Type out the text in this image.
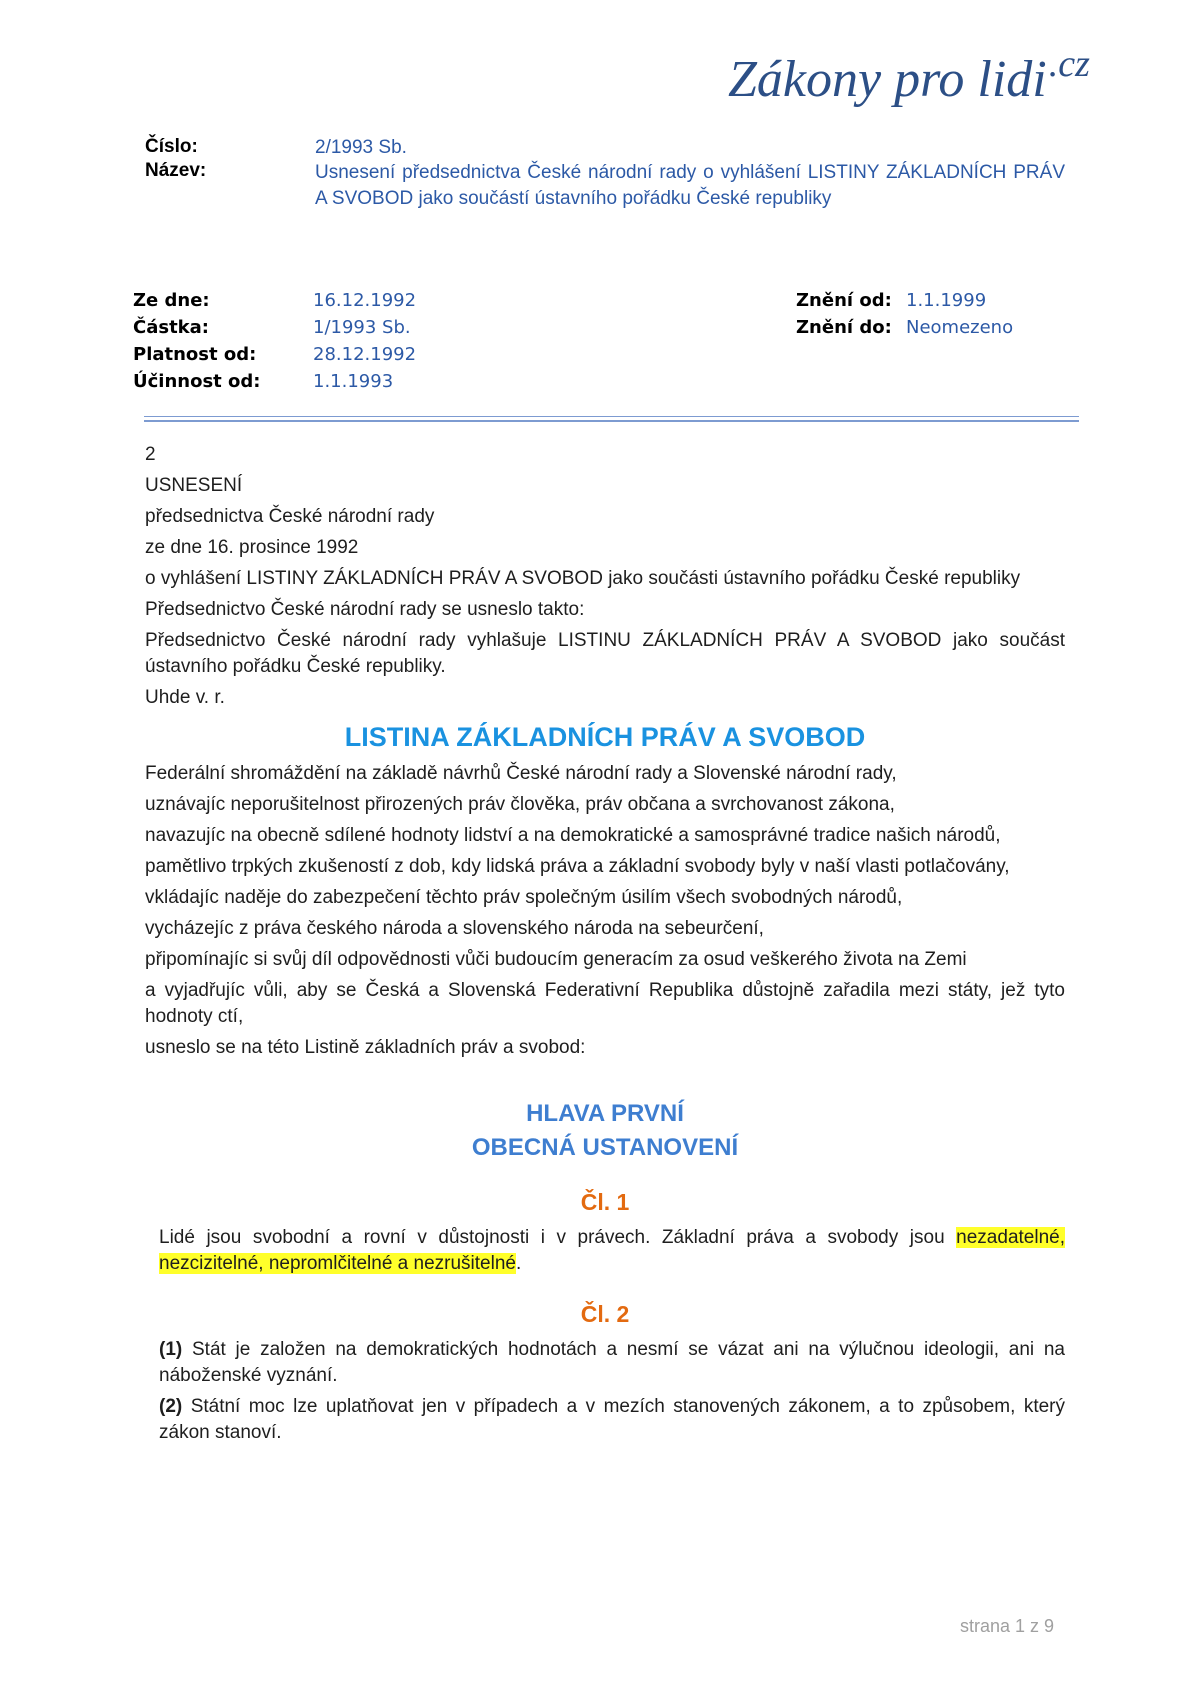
Zákony pro lidi$^{.cz}$
Číslo:	2/1993 Sb.
Název:	Usnesení předsednictva České národní rady o vyhlášení LISTINY ZÁKLADNÍCH PRÁV A SVOBOD jako součástí ústavního pořádku České republiky
Ze dne:	16.12.1992
Částka:	1/1993 Sb.
Platnost od:	28.12.1992
Účinnost od:	1.1.1993
Znění od: 1.1.1999
Znění do: Neomezeno

2

USNESENÍ

předsednictva České národní rady

ze dne 16. prosince 1992

o vyhlášení LISTINY ZÁKLADNÍCH PRÁV A SVOBOD jako součásti ústavního pořádku České republiky

Předsednictvo České národní rady se usneslo takto:

Předsednictvo České národní rady vyhlašuje LISTINU ZÁKLADNÍCH PRÁV A SVOBOD jako součást ústavního pořádku České republiky.

Uhde v. r.

LISTINA ZÁKLADNÍCH PRÁV A SVOBOD

Federální shromáždění na základě návrhů České národní rady a Slovenské národní rady,

uznávajíc neporušitelnost přirozených práv člověka, práv občana a svrchovanost zákona,

navazujíc na obecně sdílené hodnoty lidství a na demokratické a samosprávné tradice našich národů,

pamětlivo trpkých zkušeností z dob, kdy lidská práva a základní svobody byly v naší vlasti potlačovány,

vkládajíc naděje do zabezpečení těchto práv společným úsilím všech svobodných národů,

vycházejíc z práva českého národa a slovenského národa na sebeurčení,

připomínajíc si svůj díl odpovědnosti vůči budoucím generacím za osud veškerého života na Zemi

a vyjadřujíc vůli, aby se Česká a Slovenská Federativní Republika důstojně zařadila mezi státy, jež tyto hodnoty ctí,

usneslo se na této Listině základních práv a svobod:

HLAVA PRVNÍ
OBECNÁ USTANOVENÍ
Čl. 1

Lidé jsou svobodní a rovní v důstojnosti i v právech. Základní práva a svobody jsou nezadatelné, nezcizitelné, nepromlčitelné a nezrušitelné.

Čl. 2

(1) Stát je založen na demokratických hodnotách a nesmí se vázat ani na výlučnou ideologii, ani na náboženské vyznání.

(2) Státní moc lze uplatňovat jen v případech a v mezích stanovených zákonem, a to způsobem, který zákon stanoví.

strana 1 z 9
